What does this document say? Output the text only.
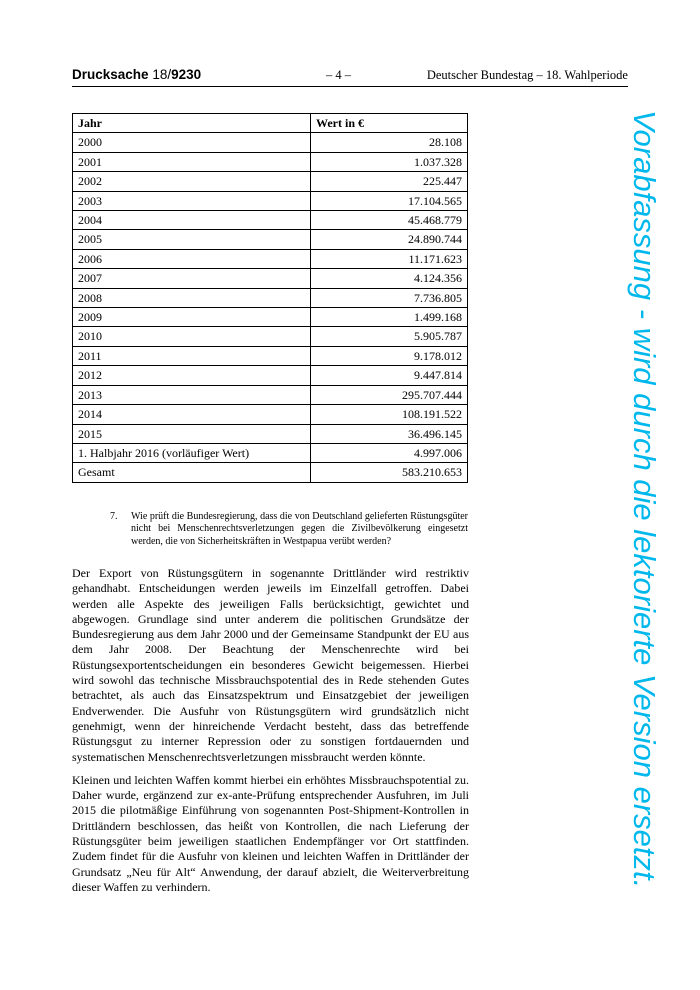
Drucksache 18/9230	– 4 –	Deutscher Bundestag – 18. Wahlperiode
Jahr	Wert in €
2000	28.108
2001	1.037.328
2002	225.447
2003	17.104.565
2004	45.468.779
2005	24.890.744
2006	11.171.623
2007	4.124.356
2008	7.736.805
2009	1.499.168
2010	5.905.787
2011	9.178.012
2012	9.447.814
2013	295.707.444
2014	108.191.522
2015	36.496.145
1. Halbjahr 2016 (vorläufiger Wert)	4.997.006
Gesamt	583.210.653
7. Wie prüft die Bundesregierung, dass die von Deutschland gelieferten Rüstungsgüter nicht bei Menschenrechtsverletzungen gegen die Zivilbevölkerung eingesetzt werden, die von Sicherheitskräften in Westpapua verübt werden?

Der Export von Rüstungsgütern in sogenannte Drittländer wird restriktiv gehandhabt. Entscheidungen werden jeweils im Einzelfall getroffen. Dabei werden alle Aspekte des jeweiligen Falls berücksichtigt, gewichtet und abgewogen. Grundlage sind unter anderem die politischen Grundsätze der Bundesregierung aus dem Jahr 2000 und der Gemeinsame Standpunkt der EU aus dem Jahr 2008. Der Beachtung der Menschenrechte wird bei Rüstungsexportentscheidungen ein besonderes Gewicht beigemessen. Hierbei wird sowohl das technische Missbrauchspotential des in Rede stehenden Gutes betrachtet, als auch das Einsatzspektrum und Einsatzgebiet der jeweiligen Endverwender. Die Ausfuhr von Rüstungsgütern wird grundsätzlich nicht genehmigt, wenn der hinreichende Verdacht besteht, dass das betreffende Rüstungsgut zu interner Repression oder zu sonstigen fortdauernden und systematischen Menschenrechtsverletzungen missbraucht werden könnte.

Kleinen und leichten Waffen kommt hierbei ein erhöhtes Missbrauchspotential zu. Daher wurde, ergänzend zur ex-ante-Prüfung entsprechender Ausfuhren, im Juli 2015 die pilotmäßige Einführung von sogenannten Post-Shipment-Kontrollen in Drittländern beschlossen, das heißt von Kontrollen, die nach Lieferung der Rüstungsgüter beim jeweiligen staatlichen Endempfänger vor Ort stattfinden. Zudem findet für die Ausfuhr von kleinen und leichten Waffen in Drittländer der Grundsatz „Neu für Alt“ Anwendung, der darauf abzielt, die Weiterverbreitung dieser Waffen zu verhindern.	Vorabfassung - wird durch die lektorierte Version ersetzt.
